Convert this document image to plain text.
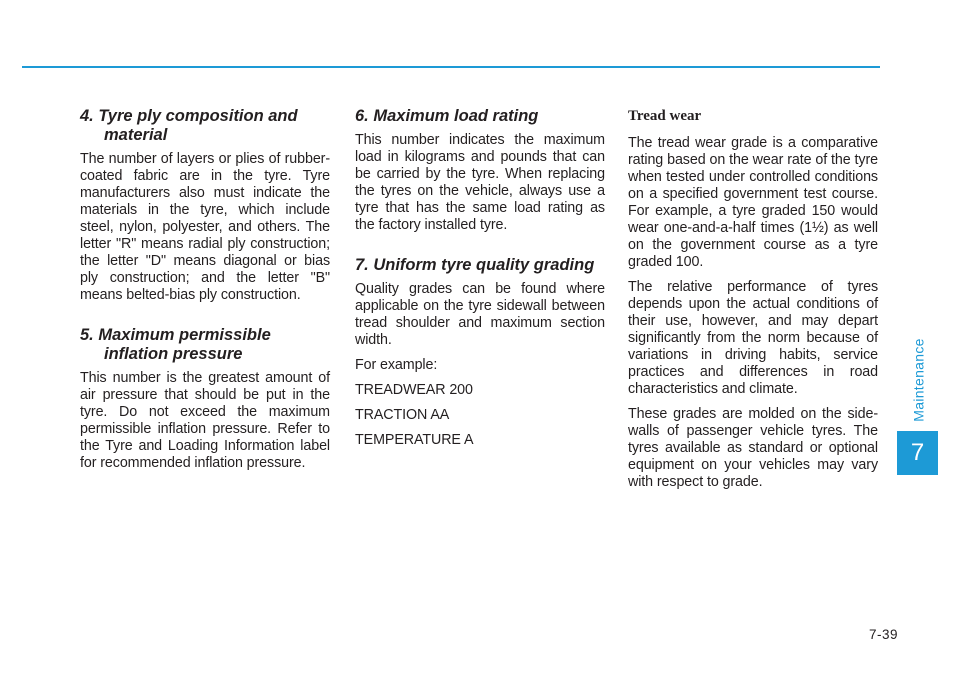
4. Tyre ply composition and material

The number of layers or plies of rubber-coated fabric are in the tyre. Tyre manufacturers also must indicate the materials in the tyre, which include steel, nylon, polyester, and others. The letter "R" means radial ply construction; the letter "D" means diagonal or bias ply construction; and the letter "B" means belted-bias ply construction.

5. Maximum permissible inflation pressure

This number is the greatest amount of air pressure that should be put in the tyre. Do not exceed the maximum permissible inflation pressure. Refer to the Tyre and Loading Information label for recommended inflation pressure.

6. Maximum load rating

This number indicates the maximum load in kilograms and pounds that can be carried by the tyre. When replacing the tyres on the vehicle, always use a tyre that has the same load rating as the factory installed tyre.

7. Uniform tyre quality grading

Quality grades can be found where applicable on the tyre sidewall between tread shoulder and maximum section width.

For example:

TREADWEAR 200

TRACTION AA

TEMPERATURE A

Tread wear

The tread wear grade is a comparative rating based on the wear rate of the tyre when tested under controlled conditions on a specified government test course. For example, a tyre graded 150 would wear one-and-a-half times (1½) as well on the government course as a tyre graded 100.

The relative performance of tyres depends upon the actual conditions of their use, however, and may depart significantly from the norm because of variations in driving habits, service practices and differences in road characteristics and climate.

These grades are molded on the side-walls of passenger vehicle tyres. The tyres available as standard or optional equipment on your vehicles may vary with respect to grade.

Maintenance
7
7-39
